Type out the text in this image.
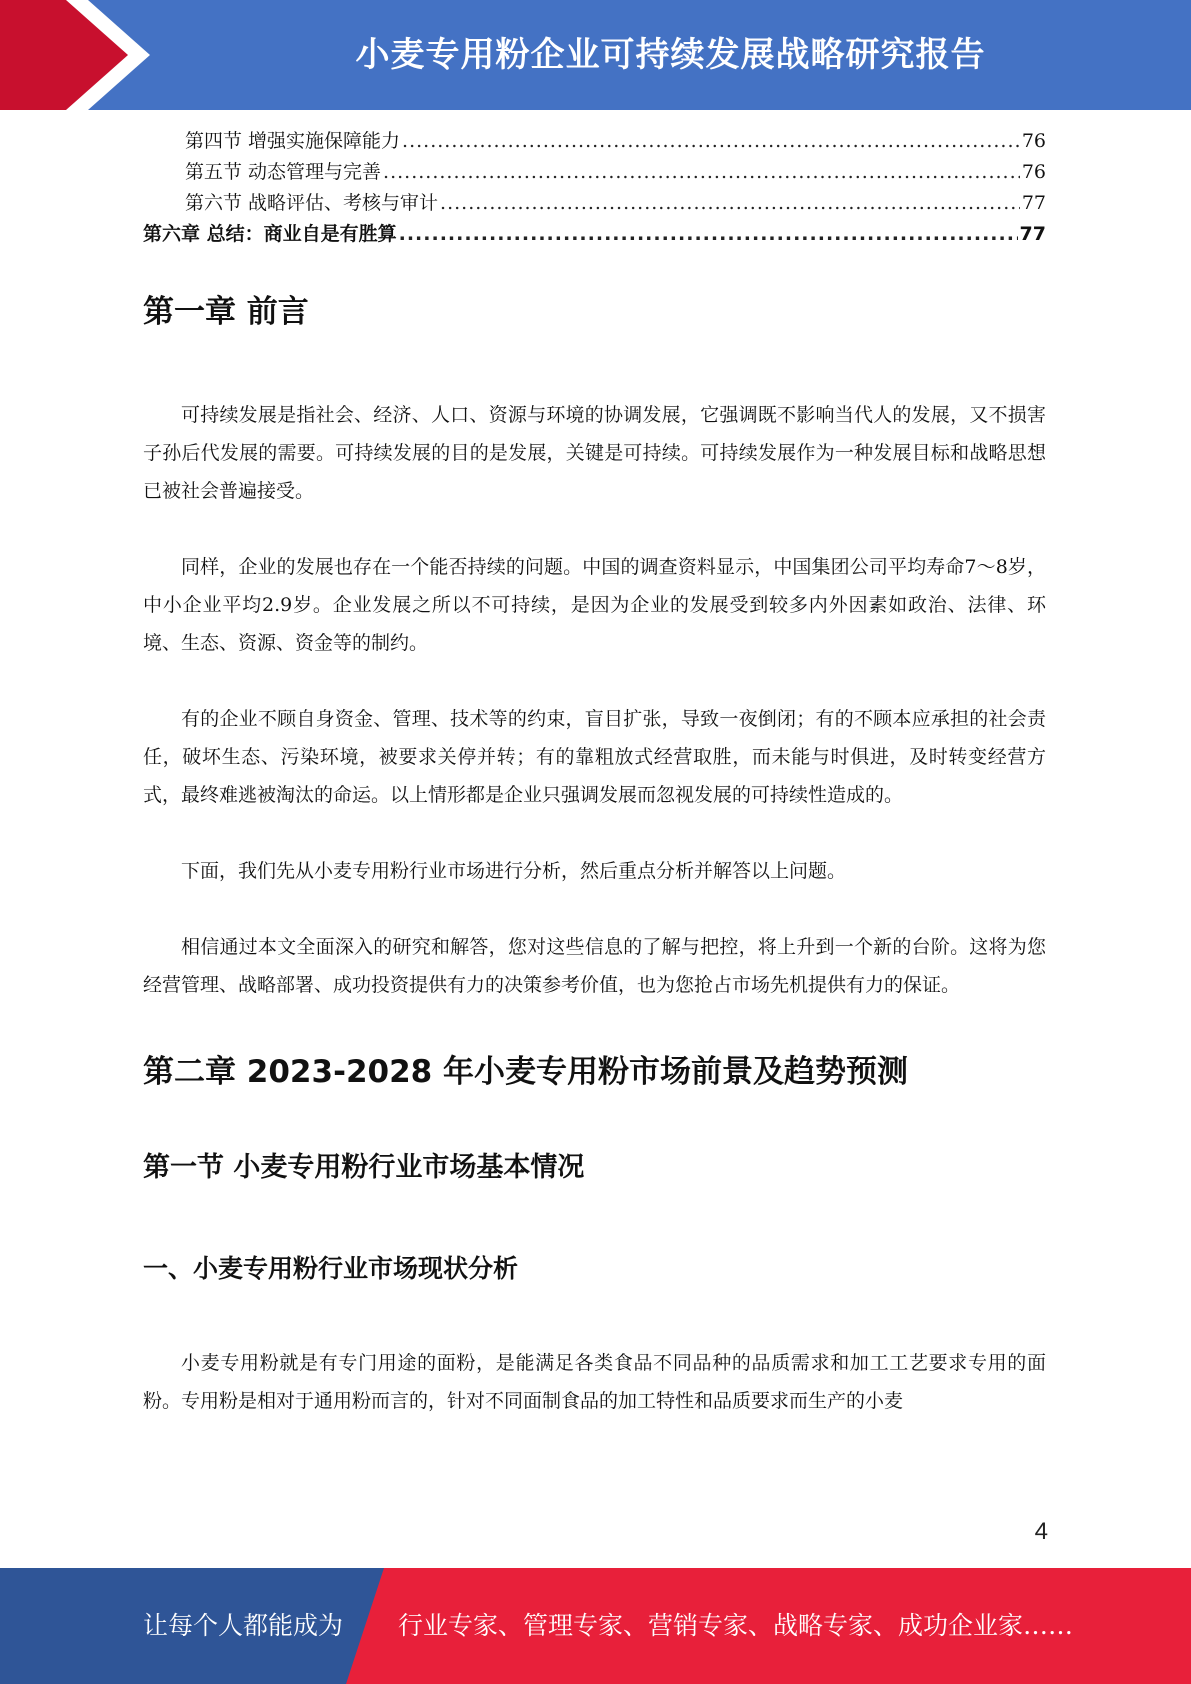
小麦专用粉企业可持续发展战略研究报告
第四节 增强实施保障能力 .....	76
第五节 动态管理与完善 .....	76
第六节 战略评估、考核与审计 .....	77
第六章 总结：商业自是有胜算 .....	77
第一章 前言

可持续发展是指社会、经济、人口、资源与环境的协调发展，它强调既不影响当代人的发展，又不损害子孙后代发展的需要。可持续发展的目的是发展，关键是可持续。可持续发展作为一种发展目标和战略思想已被社会普遍接受。

同样，企业的发展也存在一个能否持续的问题。中国的调查资料显示，中国集团公司平均寿命7～8岁，中小企业平均2.9岁。企业发展之所以不可持续，是因为企业的发展受到较多内外因素如政治、法律、环境、生态、资源、资金等的制约。

有的企业不顾自身资金、管理、技术等的约束，盲目扩张，导致一夜倒闭；有的不顾本应承担的社会责任，破坏生态、污染环境，被要求关停并转；有的靠粗放式经营取胜，而未能与时俱进，及时转变经营方式，最终难逃被淘汰的命运。以上情形都是企业只强调发展而忽视发展的可持续性造成的。

下面，我们先从小麦专用粉行业市场进行分析，然后重点分析并解答以上问题。

相信通过本文全面深入的研究和解答，您对这些信息的了解与把控，将上升到一个新的台阶。这将为您经营管理、战略部署、成功投资提供有力的决策参考价值，也为您抢占市场先机提供有力的保证。

第二章 2023-2028 年小麦专用粉市场前景及趋势预测
第一节 小麦专用粉行业市场基本情况
一、小麦专用粉行业市场现状分析

小麦专用粉就是有专门用途的面粉，是能满足各类食品不同品种的品质需求和加工工艺要求专用的面粉。专用粉是相对于通用粉而言的，针对不同面制食品的加工特性和品质要求而生产的小麦

4
让每个人都能成为 行业专家、管理专家、营销专家、战略专家、成功企业家……
